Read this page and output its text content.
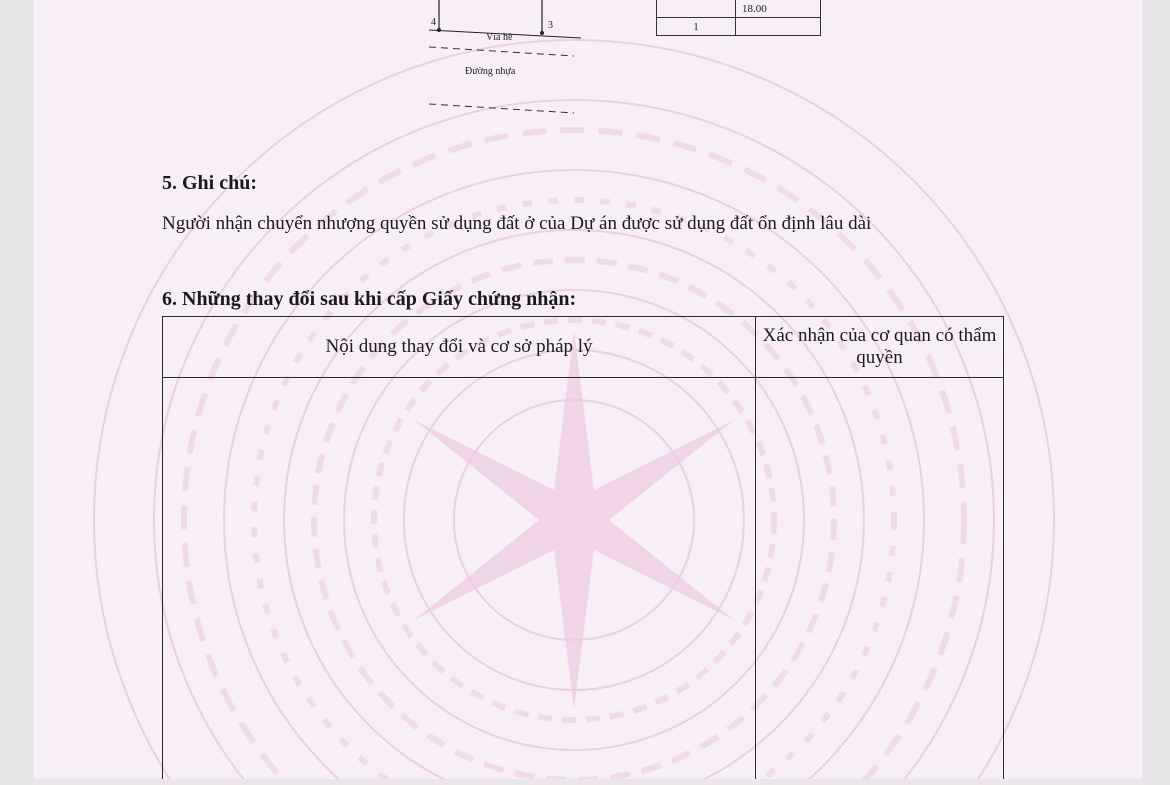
4	3
Vỉa hè
Đường nhựa
	18.00
1	
5. Ghi chú:
Người nhận chuyển nhượng quyền sử dụng đất ở của Dự án được sử dụng đất ổn định lâu dài
6. Những thay đổi sau khi cấp Giấy chứng nhận:
Nội dung thay đổi và cơ sở pháp lý	Xác nhận của cơ quan có thẩm quyền
